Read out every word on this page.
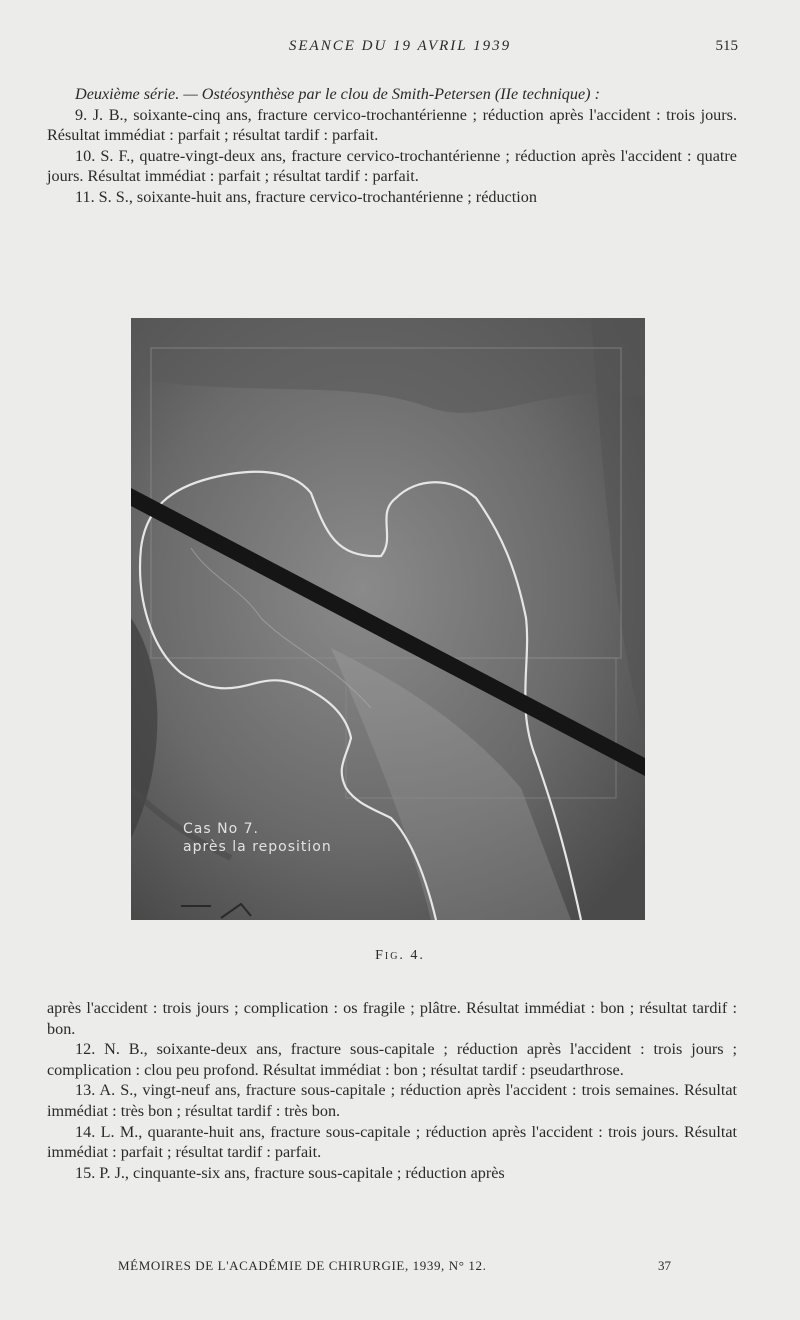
SEANCE DU 19 AVRIL 1939	515

Deuxième série. — Ostéosynthèse par le clou de Smith-Petersen (IIe technique) :

9. J. B., soixante-cinq ans, fracture cervico-trochantérienne ; réduction après l'accident : trois jours. Résultat immédiat : parfait ; résultat tardif : parfait.

10. S. F., quatre-vingt-deux ans, fracture cervico-trochantérienne ; réduction après l'accident : quatre jours. Résultat immédiat : parfait ; résultat tardif : parfait.

11. S. S., soixante-huit ans, fracture cervico-trochantérienne ; réduction

Cas No 7.
après la reposition
Fig. 4.

après l'accident : trois jours ; complication : os fragile ; plâtre. Résultat immédiat : bon ; résultat tardif : bon.

12. N. B., soixante-deux ans, fracture sous-capitale ; réduction après l'accident : trois jours ; complication : clou peu profond. Résultat immédiat : bon ; résultat tardif : pseudarthrose.

13. A. S., vingt-neuf ans, fracture sous-capitale ; réduction après l'accident : trois semaines. Résultat immédiat : très bon ; résultat tardif : très bon.

14. L. M., quarante-huit ans, fracture sous-capitale ; réduction après l'accident : trois jours. Résultat immédiat : parfait ; résultat tardif : parfait.

15. P. J., cinquante-six ans, fracture sous-capitale ; réduction après

MÉMOIRES DE L'ACADÉMIE DE CHIRURGIE, 1939, N° 12.	37
